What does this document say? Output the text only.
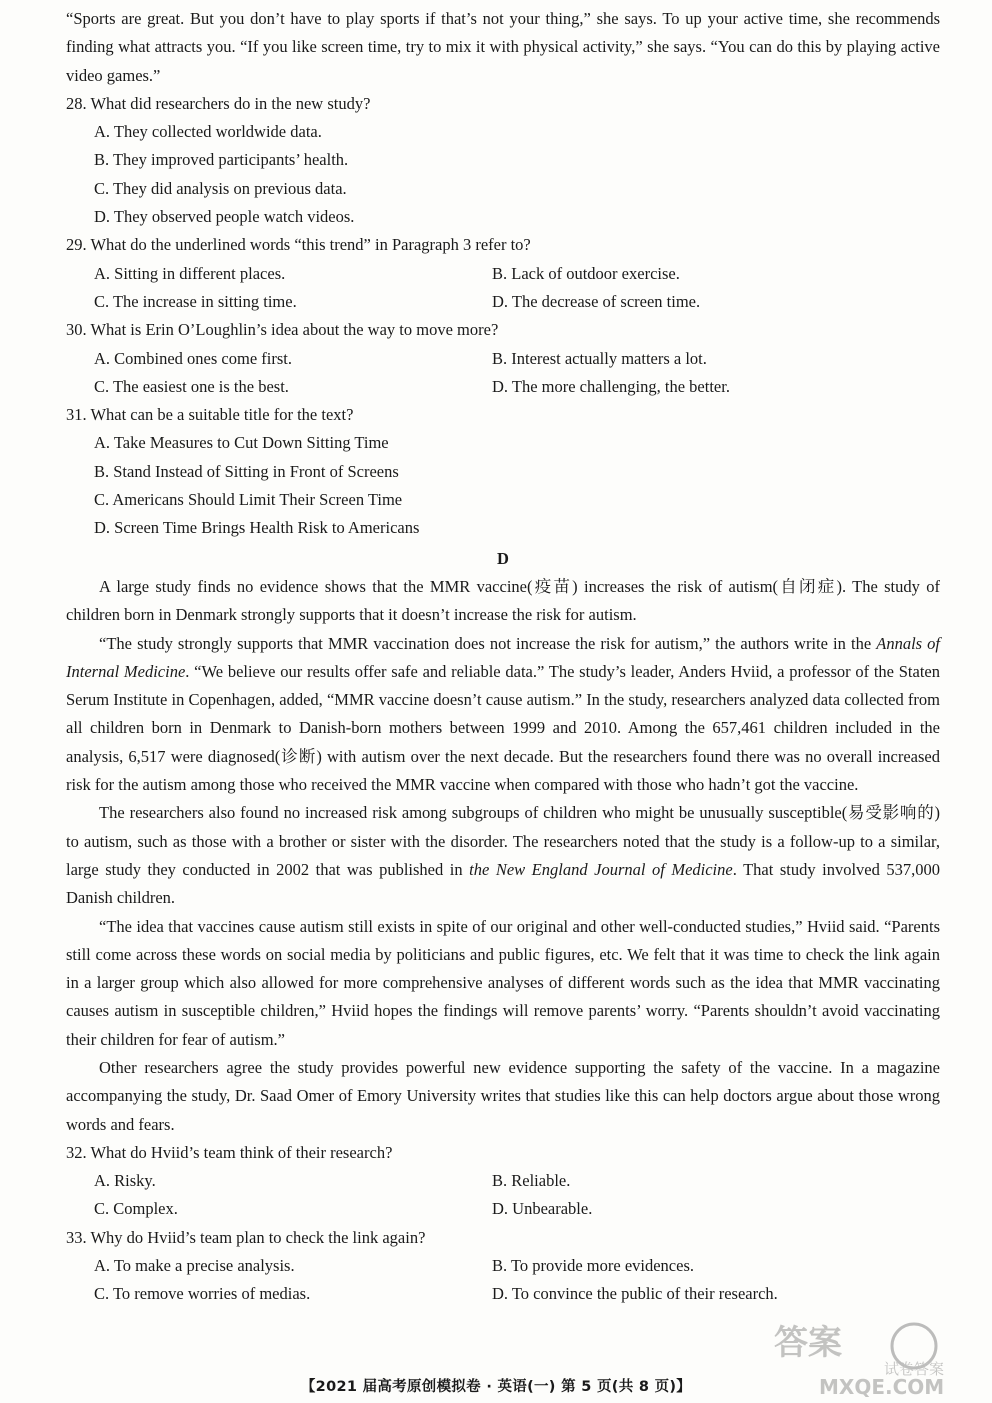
“Sports are great. But you don’t have to play sports if that’s not your thing,” she says. To up your active time, she recommends finding what attracts you. “If you like screen time, try to mix it with physical activity,” she says. “You can do this by playing active video games.”

28. What did researchers do in the new study?

A. They collected worldwide data.
B. They improved participants’ health.
C. They did analysis on previous data.
D. They observed people watch videos.

29. What do the underlined words “this trend” in Paragraph 3 refer to?

A. Sitting in different places.	B. Lack of outdoor exercise.
C. The increase in sitting time.	D. The decrease of screen time.

30. What is Erin O’Loughlin’s idea about the way to move more?

A. Combined ones come first.	B. Interest actually matters a lot.
C. The easiest one is the best.	D. The more challenging, the better.

31. What can be a suitable title for the text?

A. Take Measures to Cut Down Sitting Time
B. Stand Instead of Sitting in Front of Screens
C. Americans Should Limit Their Screen Time
D. Screen Time Brings Health Risk to Americans
D

A large study finds no evidence shows that the MMR vaccine(疫苗) increases the risk of autism(自闭症). The study of children born in Denmark strongly supports that it doesn’t increase the risk for autism.

“The study strongly supports that MMR vaccination does not increase the risk for autism,” the authors write in the Annals of Internal Medicine. “We believe our results offer safe and reliable data.” The study’s leader, Anders Hviid, a professor of the Staten Serum Institute in Copenhagen, added, “MMR vaccine doesn’t cause autism.” In the study, researchers analyzed data collected from all children born in Denmark to Danish-born mothers between 1999 and 2010. Among the 657,461 children included in the analysis, 6,517 were diagnosed(诊断) with autism over the next decade. But the researchers found there was no overall increased risk for the autism among those who received the MMR vaccine when compared with those who hadn’t got the vaccine.

The researchers also found no increased risk among subgroups of children who might be unusually susceptible(易受影响的) to autism, such as those with a brother or sister with the disorder. The researchers noted that the study is a follow-up to a similar, large study they conducted in 2002 that was published in the New England Journal of Medicine. That study involved 537,000 Danish children.

“The idea that vaccines cause autism still exists in spite of our original and other well-conducted studies,” Hviid said. “Parents still come across these words on social media by politicians and public figures, etc. We felt that it was time to check the link again in a larger group which also allowed for more comprehensive analyses of different words such as the idea that MMR vaccinating causes autism in susceptible children,” Hviid hopes the findings will remove parents’ worry. “Parents shouldn’t avoid vaccinating their children for fear of autism.”

Other researchers agree the study provides powerful new evidence supporting the safety of the vaccine. In a magazine accompanying the study, Dr. Saad Omer of Emory University writes that studies like this can help doctors argue about those wrong words and fears.

32. What do Hviid’s team think of their research?

A. Risky.	B. Reliable.
C. Complex.	D. Unbearable.

33. Why do Hviid’s team plan to check the link again?

A. To make a precise analysis.	B. To provide more evidences.
C. To remove worries of medias.	D. To convince the public of their research.
【2021 届高考原创模拟卷 · 英语(一) 第 5 页(共 8 页)】
答案
试卷答案
MXQE.COM
